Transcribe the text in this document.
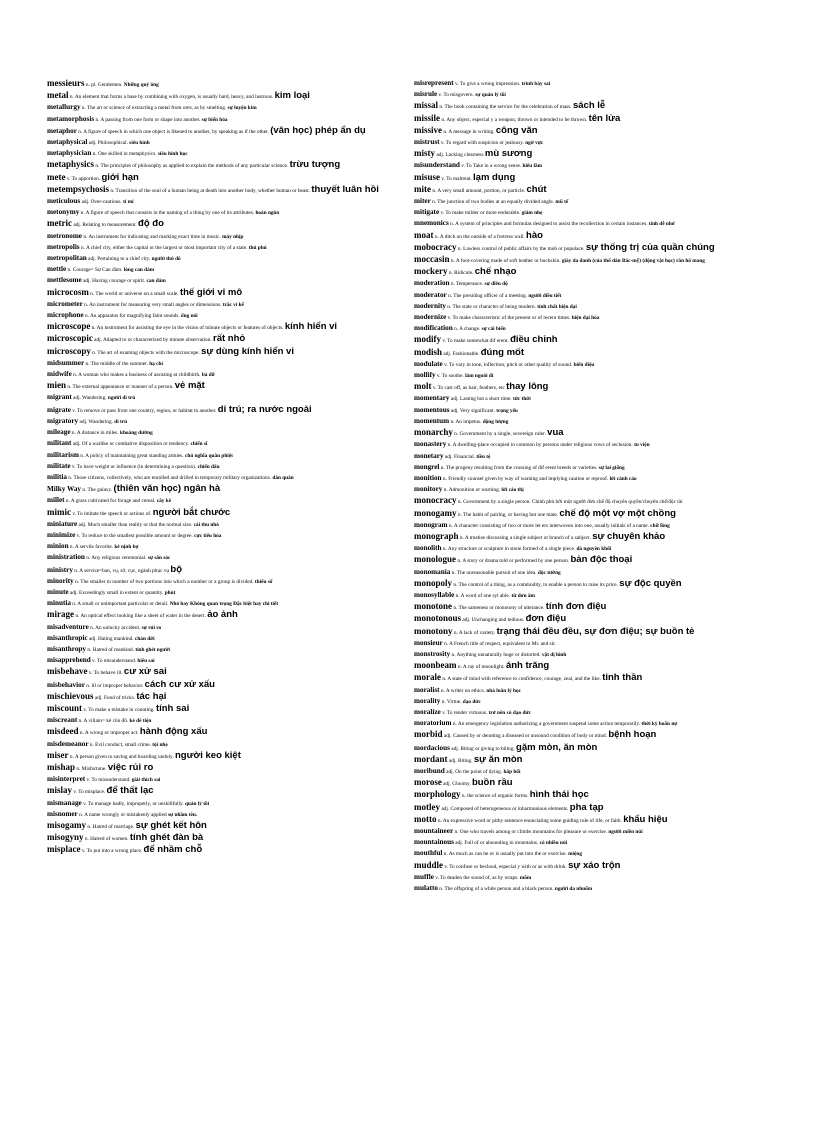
messieurs n. pl. Gentlemen. Những quý ông
metal n. An element that forms a base by combining with oxygen, is usually hard, heavy, and lustrous. kim loại
metallurgy n. The art or science of extracting a metal from ores, as by smelting. sự luyện kim
metamorphosis n. A passing from one form or shape into another. sự biến hóa
metaphor n. A figure of speech in which one object is likened to another, by speaking as if the other. (văn học) phép ẩn dụ
metaphysical adj. Philosophical. siêu hình
metaphysician n. One skilled in metaphysics. siêu hình học
metaphysics n. The principles of philosophy as applied to explain the methods of any particular science. trừu tượng
mete v. To apportion. giới hạn
metempsychosis n. Transition of the soul of a human being at death into another body, whether human or beast. thuyết luân hồi
meticulous adj. Over-cautious. tỉ mỉ
metonymy n. A figure of speech that consists in the naming of a thing by one of its attributes. hoán ngôn
metric adj. Relating to measurement. độ đo
metronome n. An instrument for indicating and marking exact time in music. máy nhịp
metropolis n. A chief city, either the capital or the largest or most important city of a state. thủ phủ
metropolitan adj. Pertaining to a chief city. người thủ đô
mettle n. Courage= Sự Can đảm. lòng can đảm
mettlesome adj. Having courage or spirit. can đảm
microcosm n. The world or universe on a small scale. thế giới vi mô
micrometer n. An instrument for measuring very small angles or dimensions. trắc vi kế
microphone n. An apparatus for magnifying faint sounds. ống nói
microscope n. An instrument for assisting the eye in the vision of minute objects or features of objects. kính hiển vi
microscopic adj. Adapted to or characterized by minute observation. rất nhỏ
microscopy n. The art of examing objects with the microscope. sự dùng kính hiển vi
midsummer n. The middle of the summer. hạ chí
midwife n. A woman who makes a business of assisting at childbirth. bà đỡ
mien n. The external appearance or manner of a person. vẻ mặt
migrant adj. Wandering. người di trú
migrate v. To remove or pass from one country, region, or habitat to another. di trú; ra nước ngoài
migratory adj. Wandering. di trú
mileage n. A distance in miles. khoảng đường
militant adj. Of a warlike or combative disposition or tendency. chiến sĩ
militarism n. A policy of maintaining great standing armies. chủ nghĩa quân phiệt
militate v. To have weight or influence (in determining a question). chiến đấu
militia n. Those citizens, collectively, who are enrolled and drilled in temporary military organizations. dân quân
Milky Way n. The galaxy. (thiên văn học) ngân hà
millet n. A grass cultivated for forage and cereal. cây kê
mimic v. To imitate the speech or actions of. người bắt chước
miniature adj. Much smaller than reality or that the normal size. cái thu nhỏ
minimize v. To reduce to the smallest possible amount or degree. cực tiểu hóa
minion n. A servile favorite. kẻ nịnh bợ
ministration n. Any religious ceremonial. sự săn sóc
ministry n. A service=ban, vụ, sở, cục, ngành phục vụ bộ
minority n. The smaller in number of two portions into which a number or a group is divided. thiểu số
minute adj. Exceedingly small in extent or quantity. phút
minutia n. A small or unimportant particular or detail. Nhỏ hay Không quan trọng Đặc biệt hay chi tiết
mirage n. An optical effect looking like a sheet of water in the desert. ảo ảnh
misadventure n. An unlucky accident. sự rủi ro
misanthropic adj. Hating mankind. chán đời
misanthropy n. Hatred of mankind. tính ghét người
misapprehend v. To misunderstand. hiểu sai
misbehave v. To behave ill. cư xử sai
misbehavior n. ill or improper behavior. cách cư xử xấu
mischievous adj. Fond of tricks. tác hại
miscount v. To make a mistake in counting. tính sai
miscreant n. A villain= kẻ côn đồ. kẻ đê tiện
misdeed n. A wrong or improper act. hành động xấu
misdemeanor n. Evil conduct, small crime. tội nhẹ
miser n. A person given to saving and hoarding unduly. người keo kiệt
mishap n. Misfortune. việc rủi ro
misinterpret v. To misunderstand. giải thích sai
mislay v. To misplace. để thất lạc
mismanage v. To manage badly, improperly, or unskillfully. quản lý tồi
misnomer n. A name wrongly or mistakenly applied sự nhầm tên.
misogamy n. Hatred of marriage. sự ghét kết hôn
misogyny n. Hatred of women. tính ghét đàn bà
misplace v. To put into a wrong place. để nhầm chỗ
misrepresent v. To give a wrong impression. trình bày sai
misrule v. To misgovern. sự quản lý tồi
missal n. The book containing the service for the celebration of mass. sách lễ
missile n. Any object, especial y a weapon, thrown or intended to be thrown. tên lửa
missive n. A message in writing. công văn
mistrust v. To regard with suspicion or jealousy. ngờ vực
misty adj. Lacking clearness mù sương
misunderstand v. To Take in a wrong sense. hiểu lầm
misuse v. To maltreat. lạm dụng
mite n. A very small amount, portion, or particle. chút
miter n. The junction of two bodies at an equally divided angle. mũ tế
mitigate v. To make milder or more endurable. giảm nhẹ
mnemonics n. A system of principles and formulas designed to assist the recollection in certain instances. tính dễ nhớ
moat n. A ditch on the outside of a fortress wall. hào
mobocracy n. Lawless control of public affairs by the mob or populace. sự thống trị của quần chúng
moccasin n. A foot-covering made of soft leather or buckskin. giày da đanh (của thổ dân Bắc-mỹ) (động vật học) rắn hổ mang
mockery n. Ridicule. chế nhạo
moderation n. Temperance. sự điều độ
moderator n. The presiding officer of a meeting. người điều tiết
modernity n. The state or character of being modern. tính chất hiện đại
modernize v. To make characteristic of the present or of recent times. hiện đại hóa
modification n. A change. sự cải biến
modify v. To make somewhat dif erent. điều chỉnh
modish adj. Fashionable. đúng mốt
modulate v. To vary in tone, inflection, pitch or other quality of sound. biến điệu
mollify v. To soothe. làm nguôi đi
molt v. To cast off, as hair, feathers, etc thay lông
momentary adj. Lasting but a short time. tức thời
momentous adj. Very significant. trọng yếu
momentum n. An impetus. động lượng
monarchy n. Government by a single, sovereign ruler. vua
monastery n. A dwelling-place occupied in common by persons under religious vows of seclusion. tu viện
monetary adj. Financial. tiền tệ
mongrel n. The progeny resulting from the crossing of dif erent breeds or varieties. sự lai giống
monition n. Friendly counsel given by way of warning and implying caution or reproof. lời cảnh cáo
monitory n. Admonition or warning. lời cảo thị
monocracy n. Government by a single person. Chính phủ bởi một người đơn chế độ chuyên quyền/chuyên chế/độc tài
monogamy n. The habit of pairing, or having but one mate. chế độ một vợ một chồng
monogram n. A character consisting of two or more let ers interwoven into one, usually initials of a name. chữ lồng
monograph n. A treatise discussing a single subject or branch of a subject. sự chuyên khảo
monolith n. Any structure or sculpture in stone formed of a single piece. đá nguyên khối
monologue n. A story or drama told or performed by one person. bản độc thoại
monomania n. The unreasonable pursuit of one idea. độc tưởng
monopoly n. The control of a thing, as a commodity, to enable a person to raise its price. sự độc quyền
monosyllable n. A word of one syl able. từ đơn âm
monotone n. The sameness or monotony of utterance. tính đơn điệu
monotonous adj. Unchanging and tedious. đơn điệu
monotony n. A lack of variety. trạng thái đều đều, sự đơn điệu; sự buồn tẻ
monsieur n. A French title of respect, equivalent to Mr. and sir.
monstrosity n. Anything unnaturally huge or distorted. vật dị hình
moonbeam n. A ray of moonlight. ánh trăng
morale n. A state of mind with reference to confidence, courage, zeal, and the like. tinh thần
moralist n. A writer on ethics. nhà luân lý học
morality n. Virtue. đạo đức
moralize v. To render virtuous. trở nên có đạo đức
moratorium n. An emergency legislation authorizing a government suspend some action temporarily. thời kỳ hoãn nợ
morbid adj. Caused by or denoting a diseased or unsound condition of body or mind. bệnh hoạn
mordacious adj. Biting or giving to biting. gặm mòn, ăn mòn
mordant adj. Biting. sự ăn mòn
moribund adj. On the point of dying. hấp hối
morose adj. Gloomy. buồn rầu
morphology n. the science of organic forms. hình thái học
motley adj. Composed of heterogeneous or inharmonious elements. pha tạp
motto n. An expressive word or pithy sentence enunciating some guiding rule of life, or faith. khẩu hiệu
mountaineer n. One who travels among or climbs mountains for pleasure or exercise. người miền núi
mountainous adj. Full of or abounding in mountains. có nhiều núi
mouthful n. As much as can be or is usually put into the or exercise. miệng
muddle v. To confuse or becloud, especial y with or as with drink. sự xáo trộn
muffle v. To deaden the sound of, as by wraps. mõm
mulatto n. The offspring of a white person and a black person. người da nhuốm
